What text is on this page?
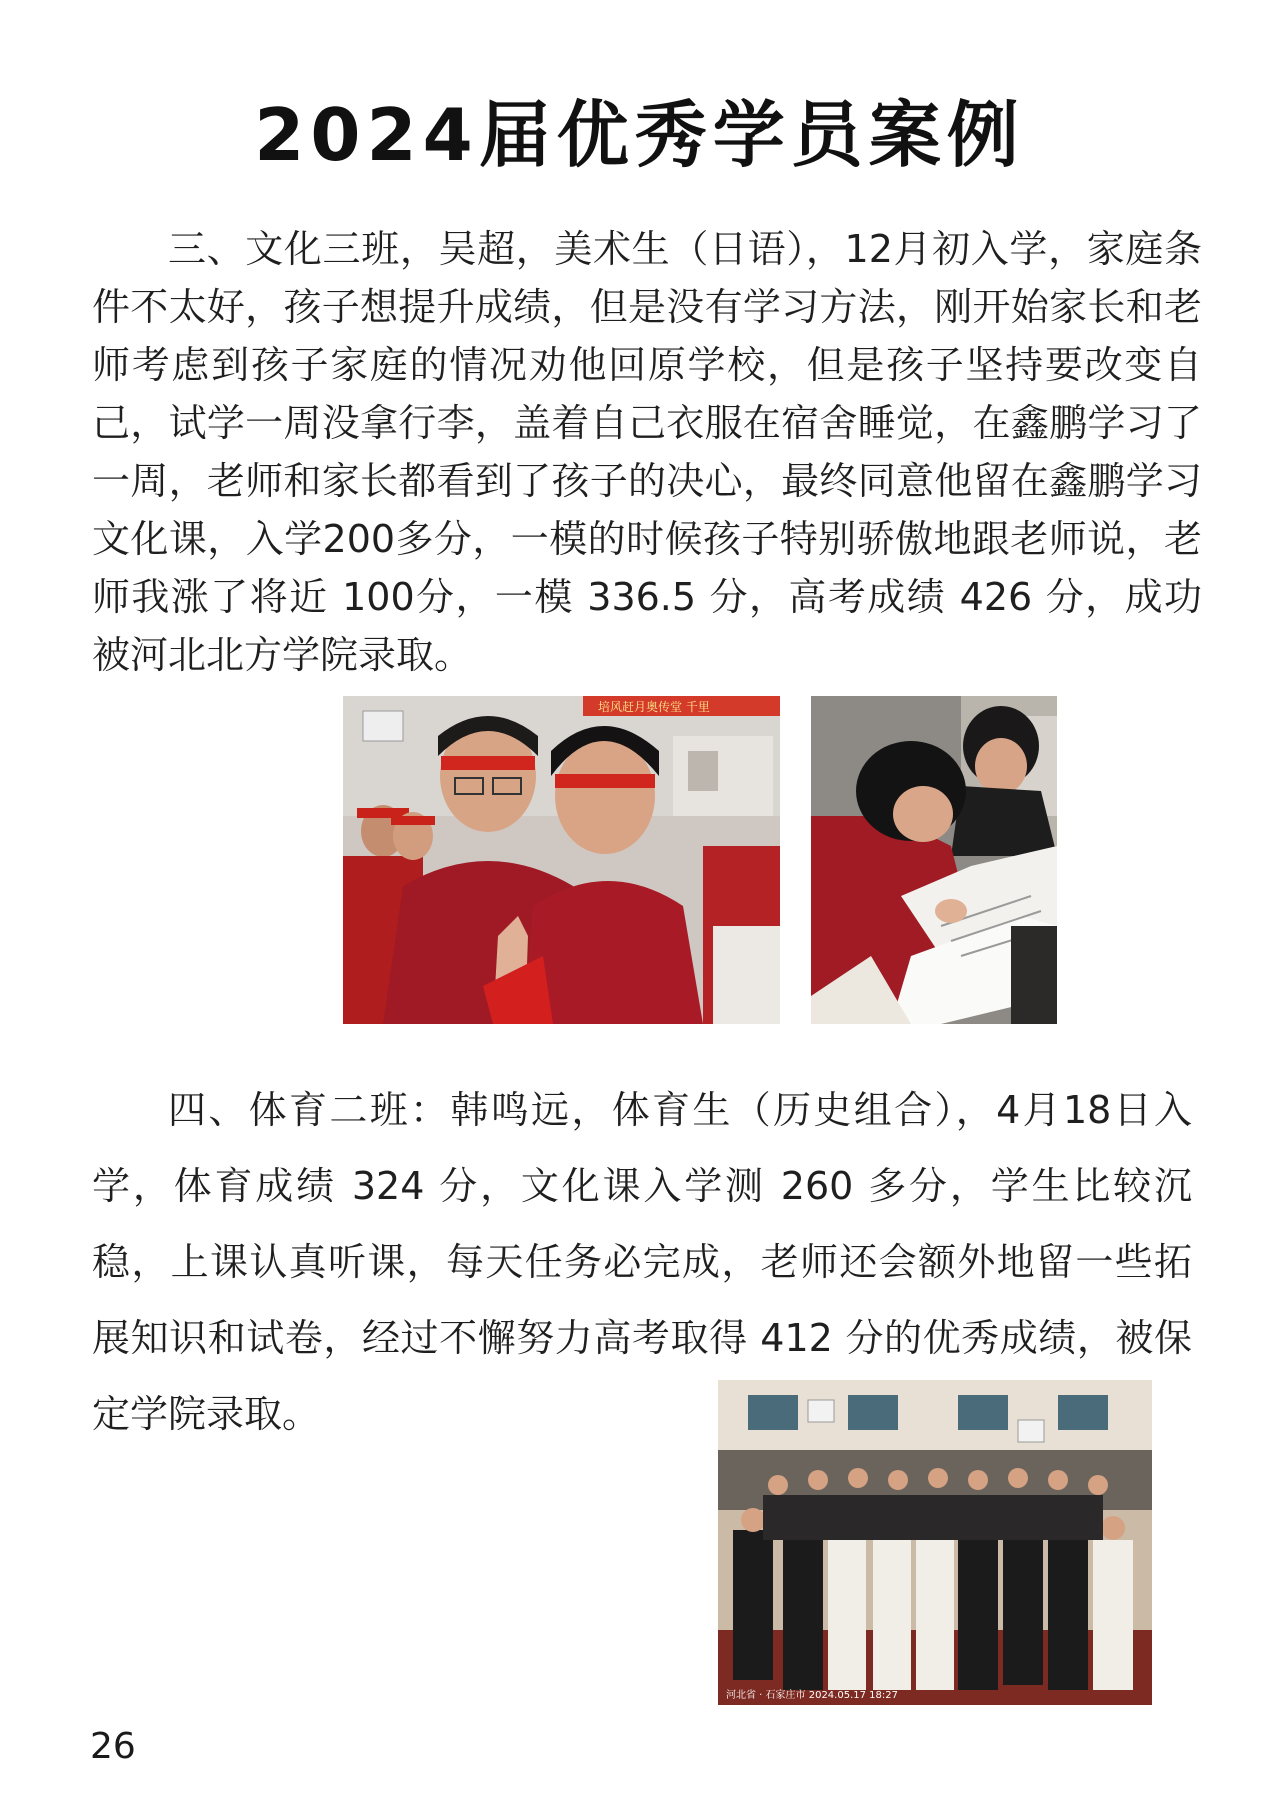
2024届优秀学员案例

三、文化三班，吴超，美术生（日语），12月初入学，家庭条件不太好，孩子想提升成绩，但是没有学习方法，刚开始家长和老师考虑到孩子家庭的情况劝他回原学校，但是孩子坚持要改变自己，试学一周没拿行李，盖着自己衣服在宿舍睡觉，在鑫鹏学习了一周，老师和家长都看到了孩子的决心，最终同意他留在鑫鹏学习文化课，入学200多分，一模的时候孩子特别骄傲地跟老师说，老师我涨了将近 100分，一模 336.5 分，高考成绩 426 分，成功被河北北方学院录取。

培风赶月奥传堂 千里

四、体育二班：韩鸣远，体育生（历史组合），4月18日入学，体育成绩 324 分，文化课入学测 260 多分，学生比较沉稳，上课认真听课，每天任务必完成，老师还会额外地留一些拓展知识和试卷，经过不懈努力高考取得 412 分的优秀成绩，被保定学院录取。

河北省 · 石家庄市 2024.05.17 18:27
26
